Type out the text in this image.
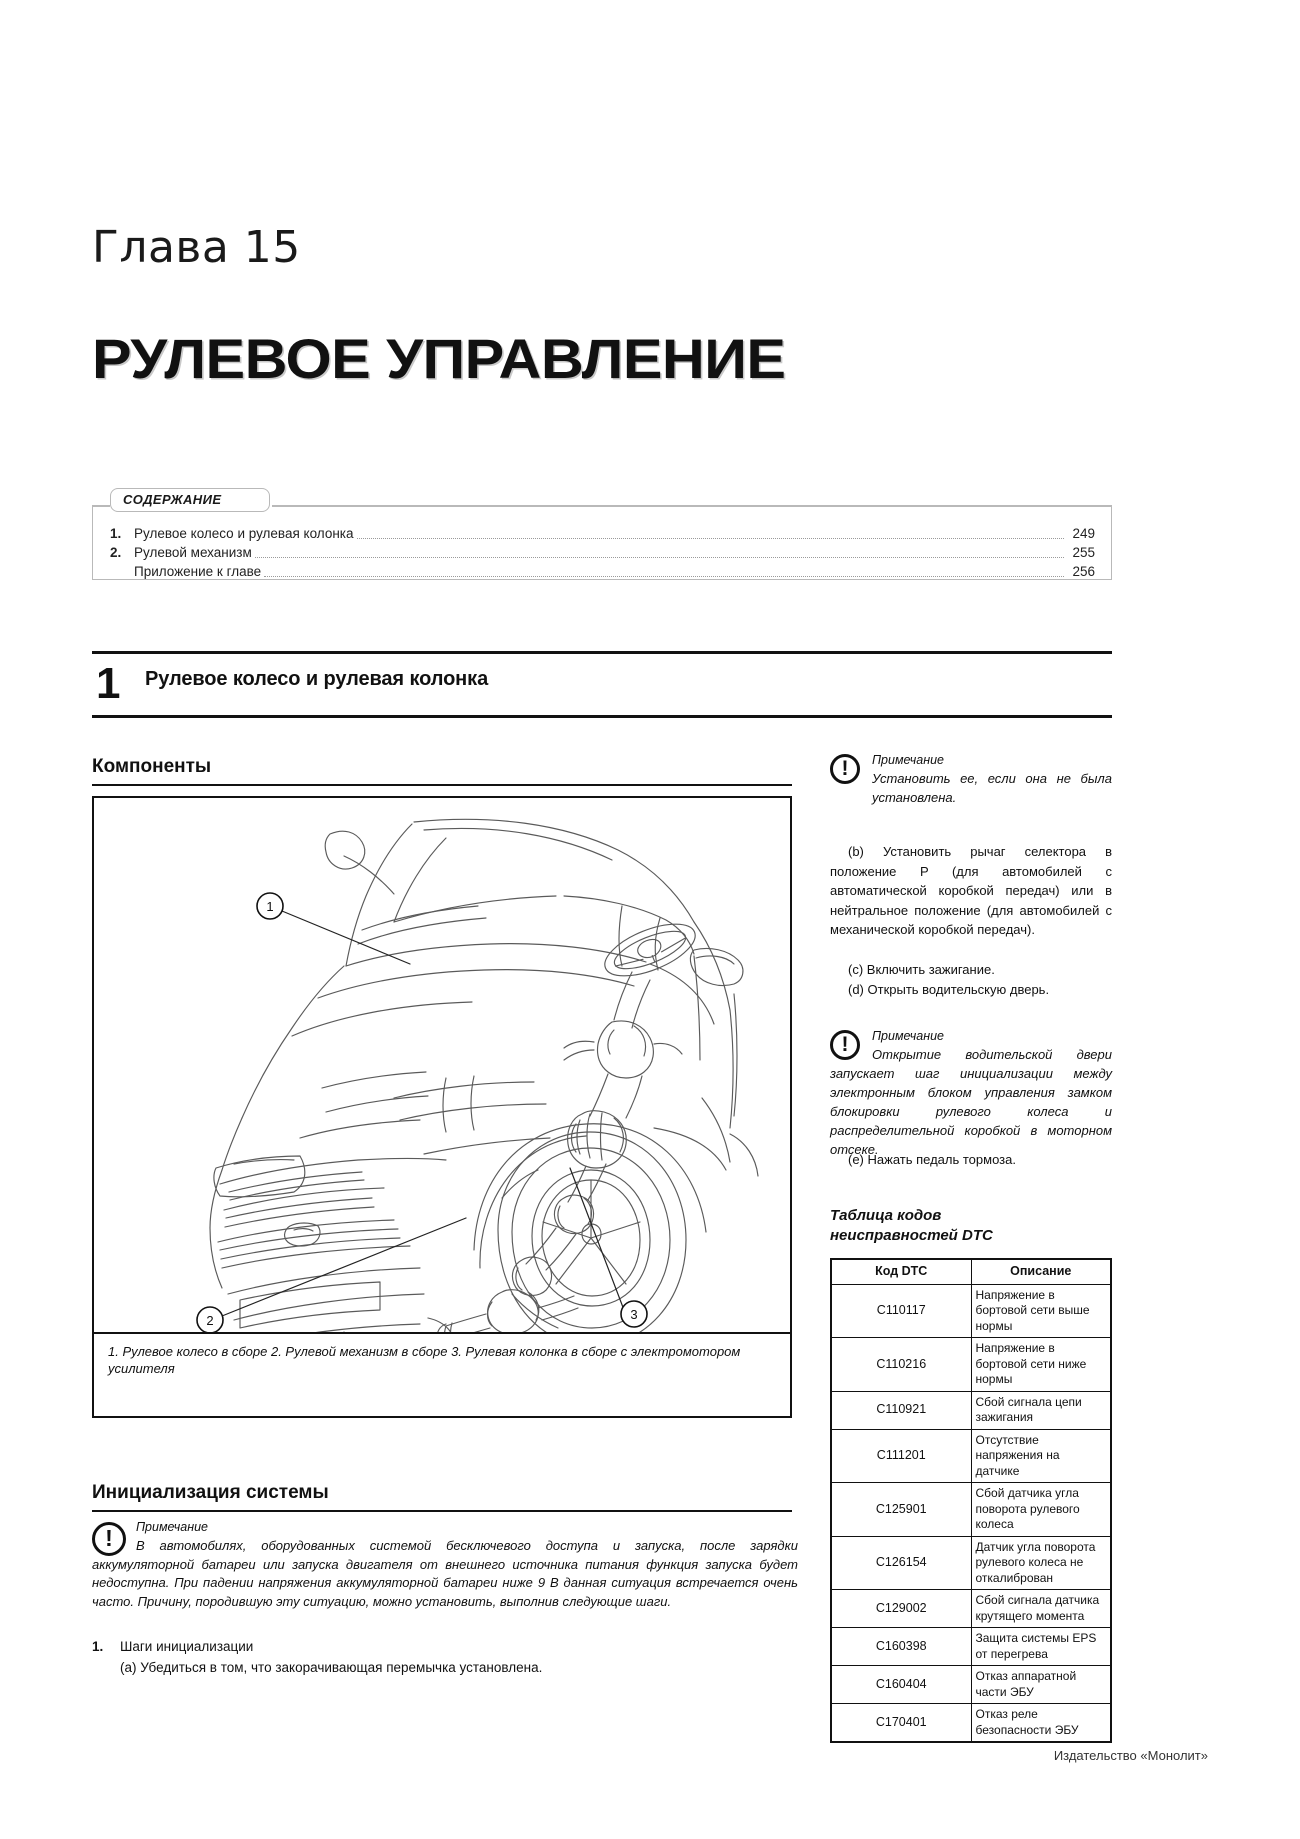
Глава 15
РУЛЕВОЕ УПРАВЛЕНИЕ
СОДЕРЖАНИЕ
1. Рулевое колесо и рулевая колонка	249
2. Рулевой механизм	255
Приложение к главе	256
1 Рулевое колесо и рулевая колонка
Компоненты
1
2	3
1. Рулевое колесо в сборе 2. Рулевой механизм в сборе 3. Рулевая колонка в сборе с электромотором усилителя
Инициализация системы
!
Примечание
В автомобилях, оборудованных системой бесключевого доступа и запуска, после зарядки аккумуляторной батареи или запуска двигателя от внешнего источника питания функция запуска будет недоступна. При падении напряжения аккумуляторной батареи ниже 9 В данная ситуация встречается очень часто. Причину, породившую эту ситуацию, можно установить, выполнив следующие шаги.
1.	Шаги инициализации
(a) Убедиться в том, что закорачивающая перемычка установлена.
!
Примечание
Установить ее, если она не была установлена.
(b) Установить рычаг селектора в положение P (для автомобилей с автоматической коробкой передач) или в нейтральное положение (для автомобилей с механической коробкой передач).
(c) Включить зажигание.
(d) Открыть водительскую дверь.
!
Примечание
Открытие водительской двери запускает шаг инициализации между электронным блоком управления замком блокировки рулевого колеса и распределительной коробкой в моторном отсеке.
(e) Нажать педаль тормоза.
Таблица кодов
неисправностей DTC
Код DTC	Описание
C110117	Напряжение в бортовой сети выше нормы
C110216	Напряжение в бортовой сети ниже нормы
C110921	Сбой сигнала цепи зажигания
C111201	Отсутствие напряжения на датчике
C125901	Сбой датчика угла поворота рулевого колеса
C126154	Датчик угла поворота рулевого колеса не откалиброван
C129002	Сбой сигнала датчика крутящего момента
C160398	Защита системы EPS от перегрева
C160404	Отказ аппаратной части ЭБУ
C170401	Отказ реле безопасности ЭБУ
Издательство «Монолит»
